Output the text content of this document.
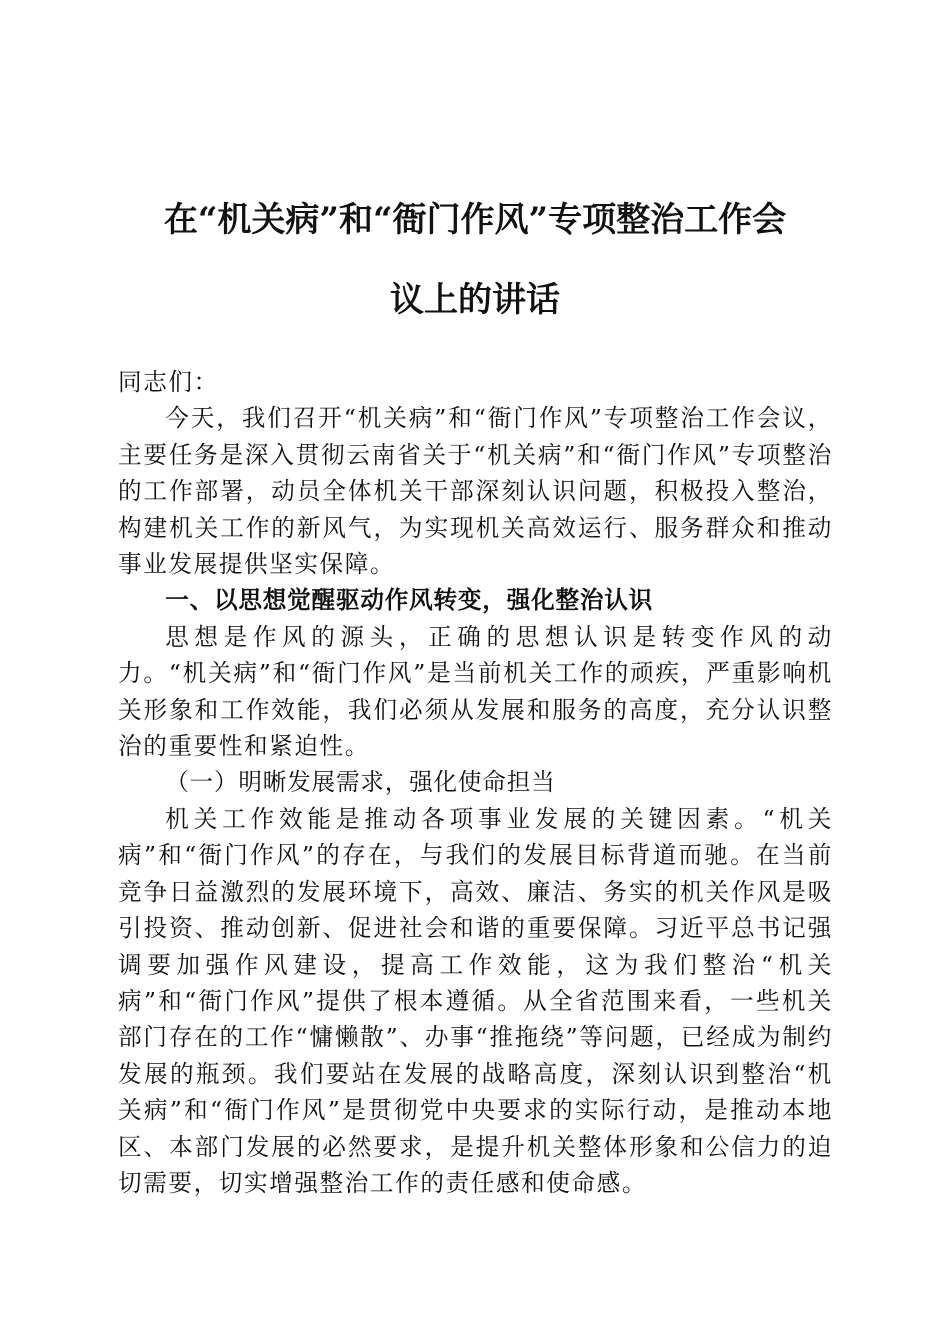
在“机关病”和“衙门作风”专项整治工作会
议上的讲话

同志们：

今天，我们召开“机关病”和“衙门作风”专项整治工作会议，主要任务是深入贯彻云南省关于“机关病”和“衙门作风”专项整治的工作部署，动员全体机关干部深刻认识问题，积极投入整治，构建机关工作的新风气，为实现机关高效运行、服务群众和推动事业发展提供坚实保障。

一、以思想觉醒驱动作风转变，强化整治认识

思想是作风的源头，正确的思想认识是转变作风的动力。“机关病”和“衙门作风”是当前机关工作的顽疾，严重影响机关形象和工作效能，我们必须从发展和服务的高度，充分认识整治的重要性和紧迫性。

（一）明晰发展需求，强化使命担当

机关工作效能是推动各项事业发展的关键因素。“机关病”和“衙门作风”的存在，与我们的发展目标背道而驰。在当前竞争日益激烈的发展环境下，高效、廉洁、务实的机关作风是吸引投资、推动创新、促进社会和谐的重要保障。习近平总书记强调要加强作风建设，提高工作效能，这为我们整治“机关病”和“衙门作风”提供了根本遵循。从全省范围来看，一些机关部门存在的工作“慵懒散”、办事“推拖绕”等问题，已经成为制约发展的瓶颈。我们要站在发展的战略高度，深刻认识到整治“机关病”和“衙门作风”是贯彻党中央要求的实际行动，是推动本地区、本部门发展的必然要求，是提升机关整体形象和公信力的迫切需要，切实增强整治工作的责任感和使命感。
